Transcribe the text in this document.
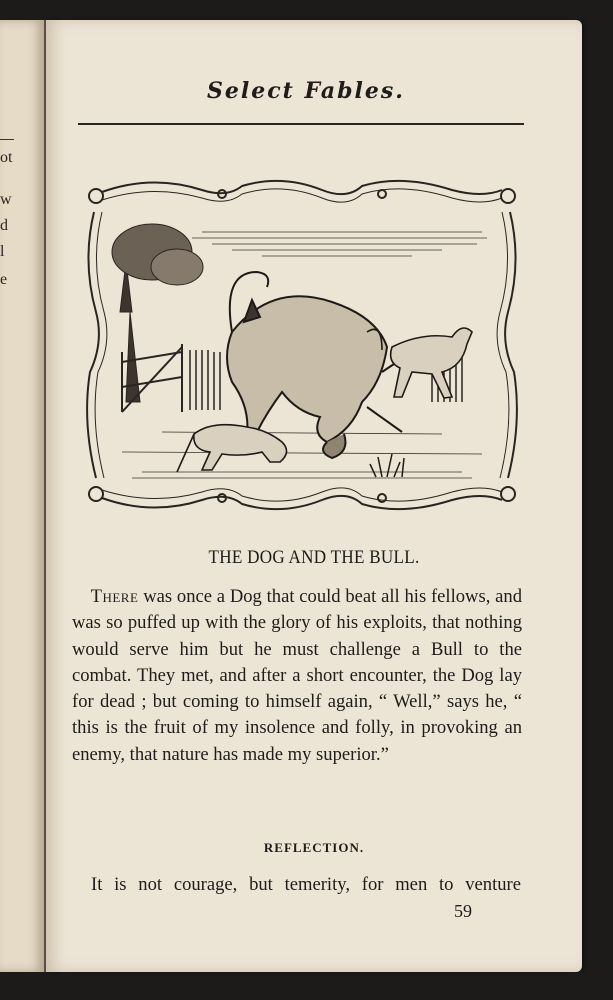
ot
w
d
l
e
Select Fables.
THE DOG AND THE BULL.

 There was once a Dog that could beat all his fellows, and was so puffed up with the glory of his exploits, that nothing would serve him but he must challenge a Bull to the combat. They met, and after a short encounter, the Dog lay for dead ; but coming to himself again, “ Well,” says he, “ this is the fruit of my insolence and folly, in provoking an enemy, that nature has made my superior.”

REFLECTION.
It is not courage, but temerity, for men to venture
59
